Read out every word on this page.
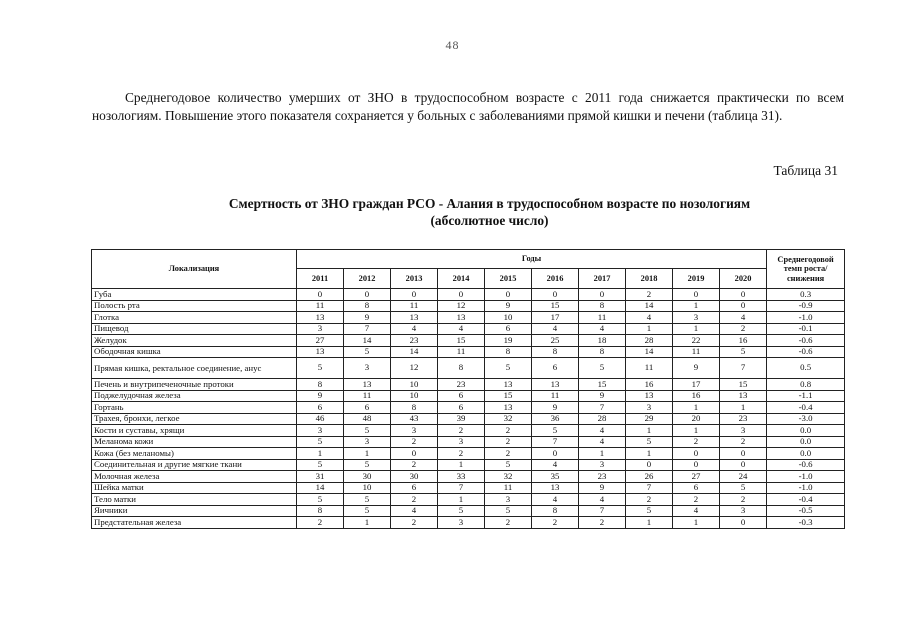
48

Среднегодовое количество умерших от ЗНО в трудоспособном возрасте с 2011 года снижается практически по всем нозологиям. Повышение этого показателя сохраняется у больных с заболеваниями прямой кишки и печени (таблица 31).

Таблица 31
Смертность от ЗНО граждан РСО - Алания в трудоспособном возрасте по нозологиям
(абсолютное число)
Локализация	Годы										Среднегодовой темп роста/ снижения
	2011	2012	2013	2014	2015	2016	2017	2018	2019	2020	
Губа	0	0	0	0	0	0	0	2	0	0	0.3
Полость рта	11	8	11	12	9	15	8	14	1	0	-0.9
Глотка	13	9	13	13	10	17	11	4	3	4	-1.0
Пищевод	3	7	4	4	6	4	4	1	1	2	-0.1
Желудок	27	14	23	15	19	25	18	28	22	16	-0.6
Ободочная кишка	13	5	14	11	8	8	8	14	11	5	-0.6
Прямая кишка, ректальное соединение, анус	5	3	12	8	5	6	5	11	9	7	0.5
Печень и внутрипеченочные протоки	8	13	10	23	13	13	15	16	17	15	0.8
Поджелудочная железа	9	11	10	6	15	11	9	13	16	13	-1.1
Гортань	6	6	8	6	13	9	7	3	1	1	-0.4
Трахея, бронхи, легкое	46	48	43	39	32	36	28	29	20	23	-3.0
Кости и суставы, хрящи	3	5	3	2	2	5	4	1	1	3	0.0
Меланома кожи	5	3	2	3	2	7	4	5	2	2	0.0
Кожа (без меланомы)	1	1	0	2	2	0	1	1	0	0	0.0
Соединительная и другие мягкие ткани	5	5	2	1	5	4	3	0	0	0	-0.6
Молочная железа	31	30	30	33	32	35	23	26	27	24	-1.0
Шейка матки	14	10	6	7	11	13	9	7	6	5	-1.0
Тело матки	5	5	2	1	3	4	4	2	2	2	-0.4
Яичники	8	5	4	5	5	8	7	5	4	3	-0.5
Предстательная железа	2	1	2	3	2	2	2	1	1	0	-0.3
